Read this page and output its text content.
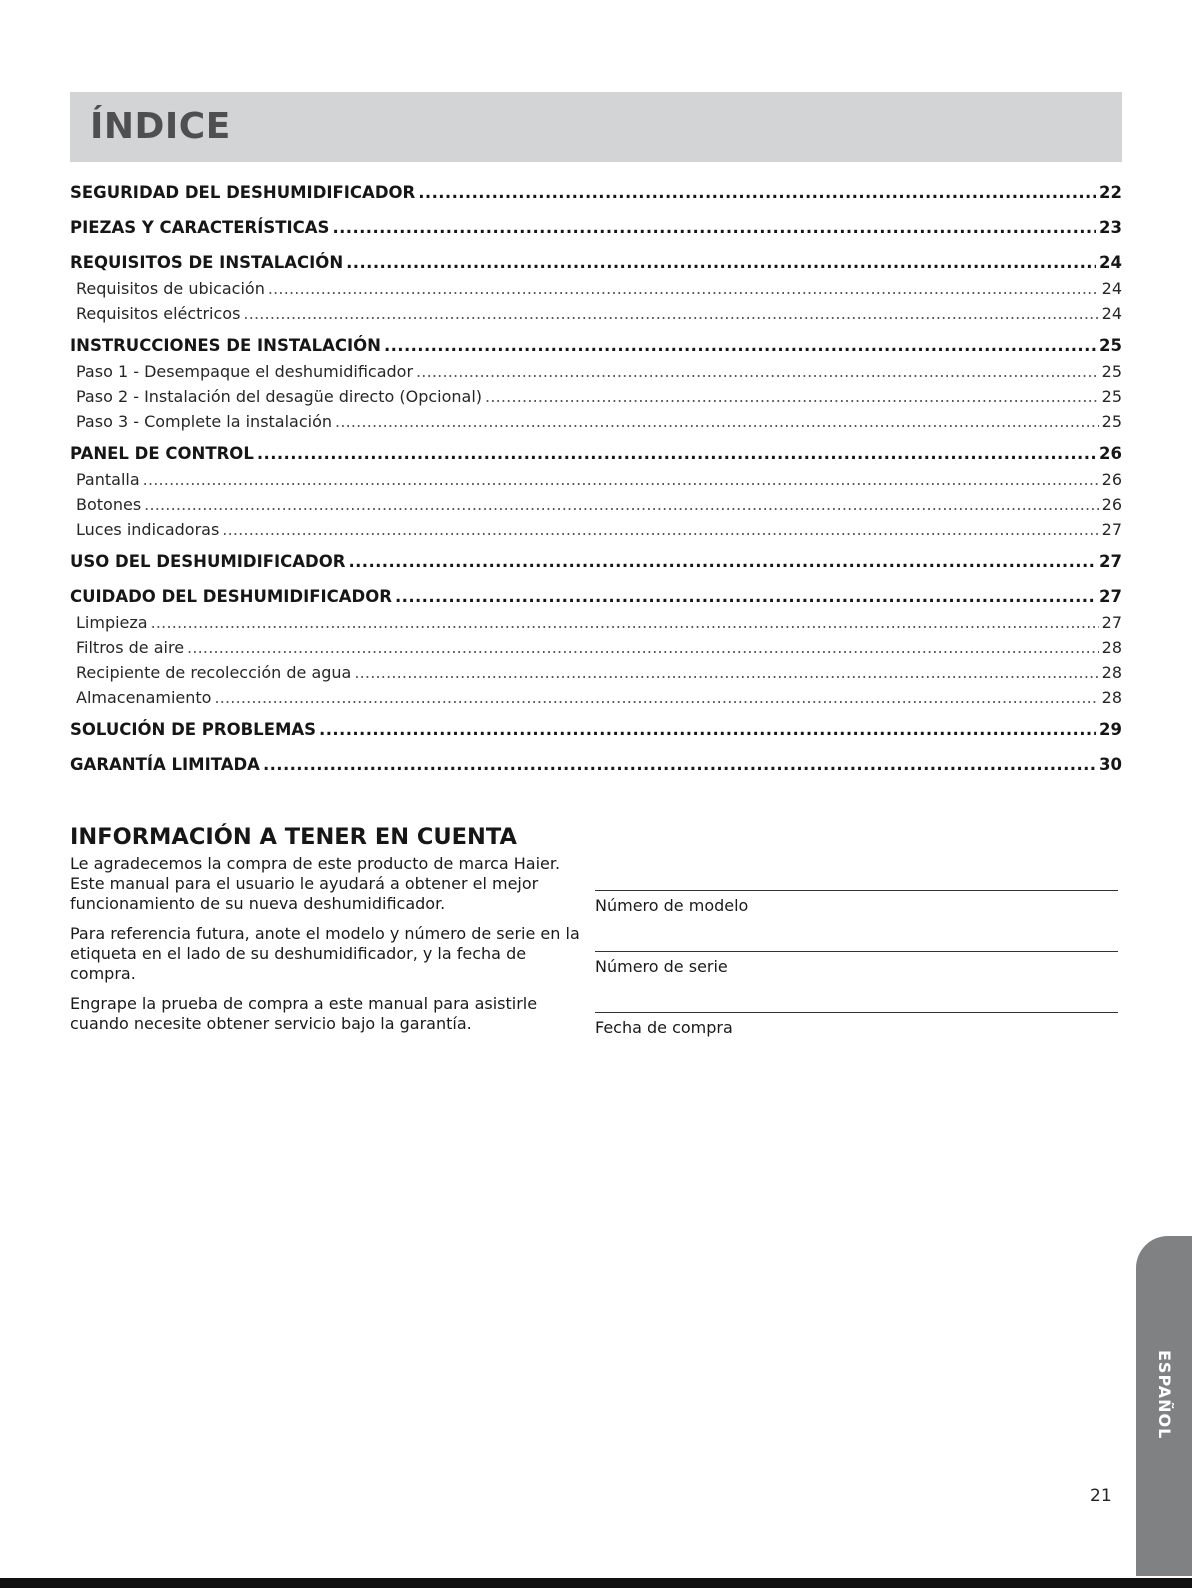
ÍNDICE
SEGURIDAD DEL DESHUMIDIFICADOR .....	22
PIEZAS Y CARACTERÍSTICAS .....	23
REQUISITOS DE INSTALACIÓN .....	24
Requisitos de ubicación .....	24
Requisitos eléctricos .....	24
INSTRUCCIONES DE INSTALACIÓN .....	25
Paso 1 - Desempaque el deshumidificador .....	25
Paso 2 - Instalación del desagüe directo (Opcional) .....	25
Paso 3 - Complete la instalación .....	25
PANEL DE CONTROL .....	26
Pantalla .....	26
Botones .....	26
Luces indicadoras .....	27
USO DEL DESHUMIDIFICADOR .....	27
CUIDADO DEL DESHUMIDIFICADOR .....	27
Limpieza .....	27
Filtros de aire .....	28
Recipiente de recolección de agua .....	28
Almacenamiento .....	28
SOLUCIÓN DE PROBLEMAS .....	29
GARANTÍA LIMITADA .....	30
INFORMACIÓN A TENER EN CUENTA

Le agradecemos la compra de este producto de marca Haier. Este manual para el usuario le ayudará a obtener el mejor funcionamiento de su nueva deshumidificador.

Para referencia futura, anote el modelo y número de serie en la etiqueta en el lado de su deshumidificador, y la fecha de compra.

Engrape la prueba de compra a este manual para asistirle cuando necesite obtener servicio bajo la garantía.

Número de modelo
Número de serie
Fecha de compra
ESPAÑOL
21
